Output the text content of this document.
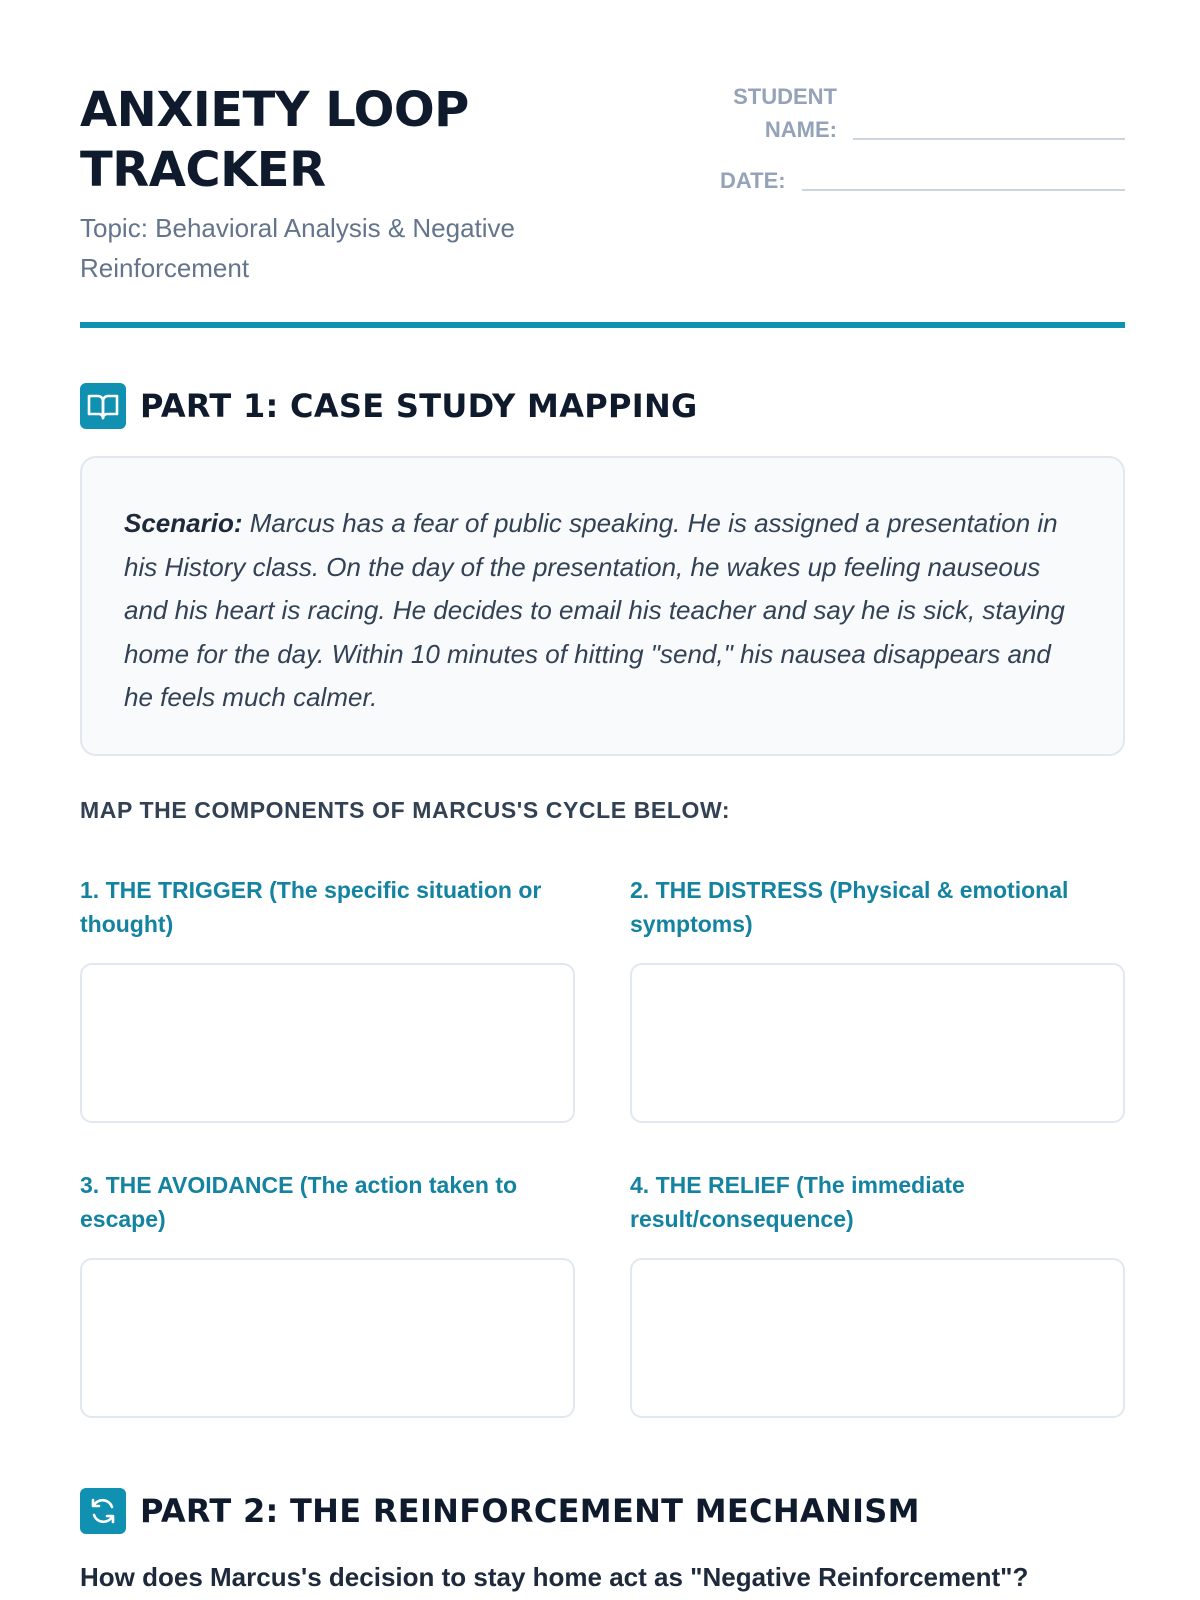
ANXIETY LOOP
TRACKER
Topic: Behavioral Analysis & Negative Reinforcement
STUDENT
NAME:
DATE:
PART 1: CASE STUDY MAPPING

Scenario: Marcus has a fear of public speaking. He is assigned a presentation in his History class. On the day of the presentation, he wakes up feeling nauseous and his heart is racing. He decides to email his teacher and say he is sick, staying home for the day. Within 10 minutes of hitting "send," his nausea disappears and he feels much calmer.

MAP THE COMPONENTS OF MARCUS'S CYCLE BELOW:
1. THE TRIGGER (The specific situation or thought)
2. THE DISTRESS (Physical & emotional symptoms)
3. THE AVOIDANCE (The action taken to escape)
4. THE RELIEF (The immediate result/consequence)
PART 2: THE REINFORCEMENT MECHANISM
How does Marcus's decision to stay home act as "Negative Reinforcement"?
